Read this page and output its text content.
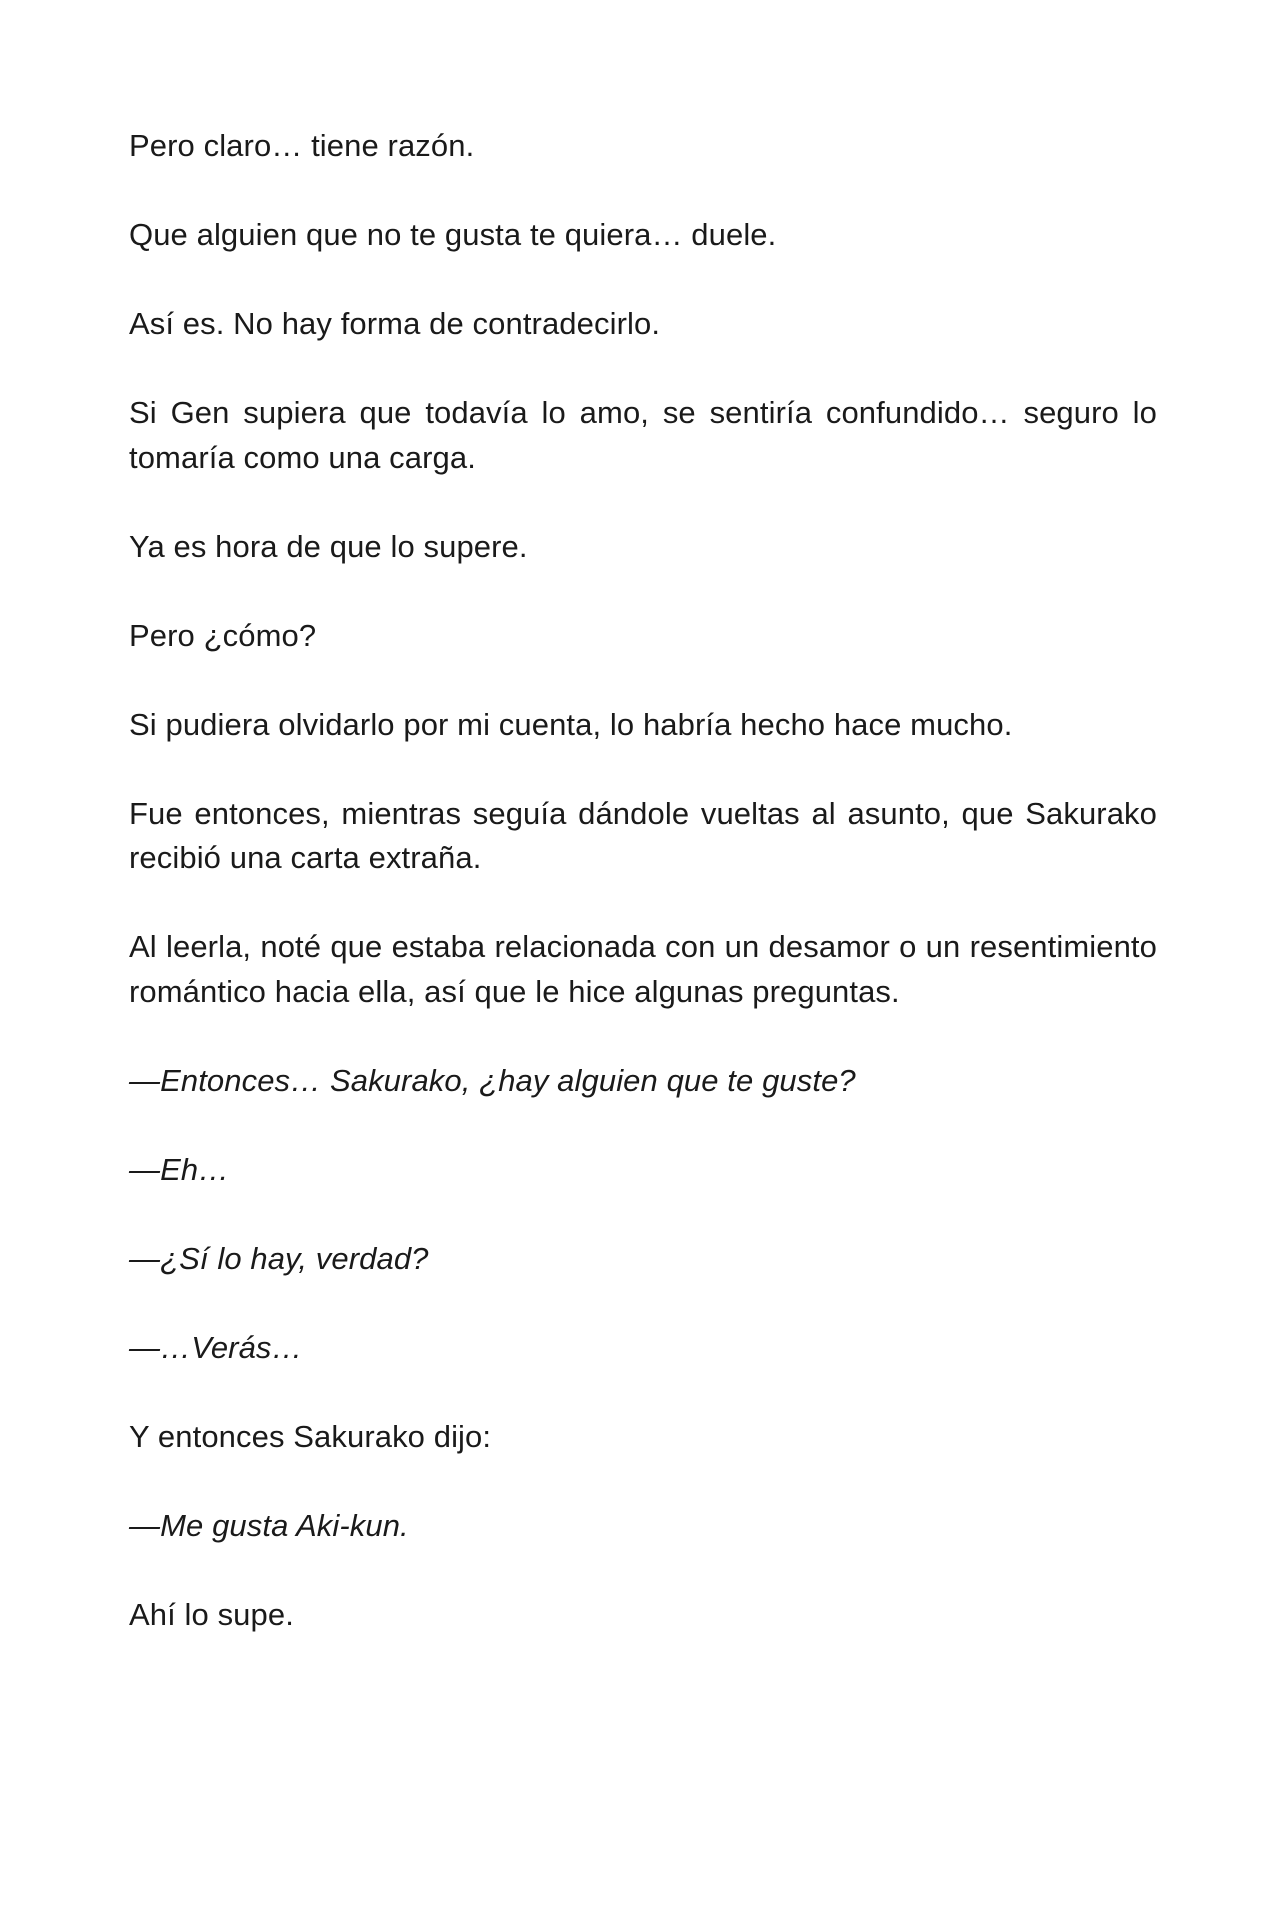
Pero claro… tiene razón.

Que alguien que no te gusta te quiera… duele.

Así es. No hay forma de contradecirlo.

Si Gen supiera que todavía lo amo, se sentiría confundido… seguro lo tomaría como una carga.

Ya es hora de que lo supere.

Pero ¿cómo?

Si pudiera olvidarlo por mi cuenta, lo habría hecho hace mucho.

Fue entonces, mientras seguía dándole vueltas al asunto, que Sakurako recibió una carta extraña.

Al leerla, noté que estaba relacionada con un desamor o un resentimiento romántico hacia ella, así que le hice algunas preguntas.

—Entonces… Sakurako, ¿hay alguien que te guste?

—Eh…

—¿Sí lo hay, verdad?

—…Verás…

Y entonces Sakurako dijo:

—Me gusta Aki-kun.

Ahí lo supe.
